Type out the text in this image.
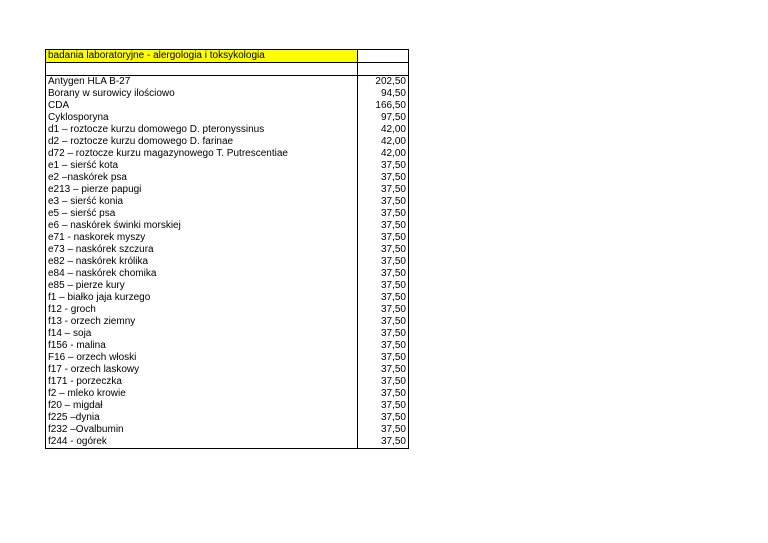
badania laboratoryjne - alergologia i toksykologia	

Antygen HLA B-27	202,50
Borany w surowicy ilościowo	94,50
CDA	166,50
Cyklosporyna	97,50
d1 – roztocze kurzu domowego D. pteronyssinus	42,00
d2 – roztocze kurzu domowego D. farinae	42,00
d72 – roztocze kurzu magazynowego T. Putrescentiae	42,00
e1 – sierść kota	37,50
e2 –naskórek psa	37,50
e213 – pierze papugi	37,50
e3 – sierść konia	37,50
e5 – sierść psa	37,50
e6 – naskórek świnki morskiej	37,50
e71 - naskorek myszy	37,50
e73 – naskórek szczura	37,50
e82 – naskórek królika	37,50
e84 – naskórek chomika	37,50
e85 – pierze kury	37,50
f1 – białko jaja kurzego	37,50
f12 - groch	37,50
f13 - orzech ziemny	37,50
f14 – soja	37,50
f156 - malina	37,50
F16 – orzech włoski	37,50
f17 - orzech laskowy	37,50
f171 - porzeczka	37,50
f2 – mleko krowie	37,50
f20 – migdał	37,50
f225 –dynia	37,50
f232 –Ovalbumin	37,50
f244 - ogórek	37,50
